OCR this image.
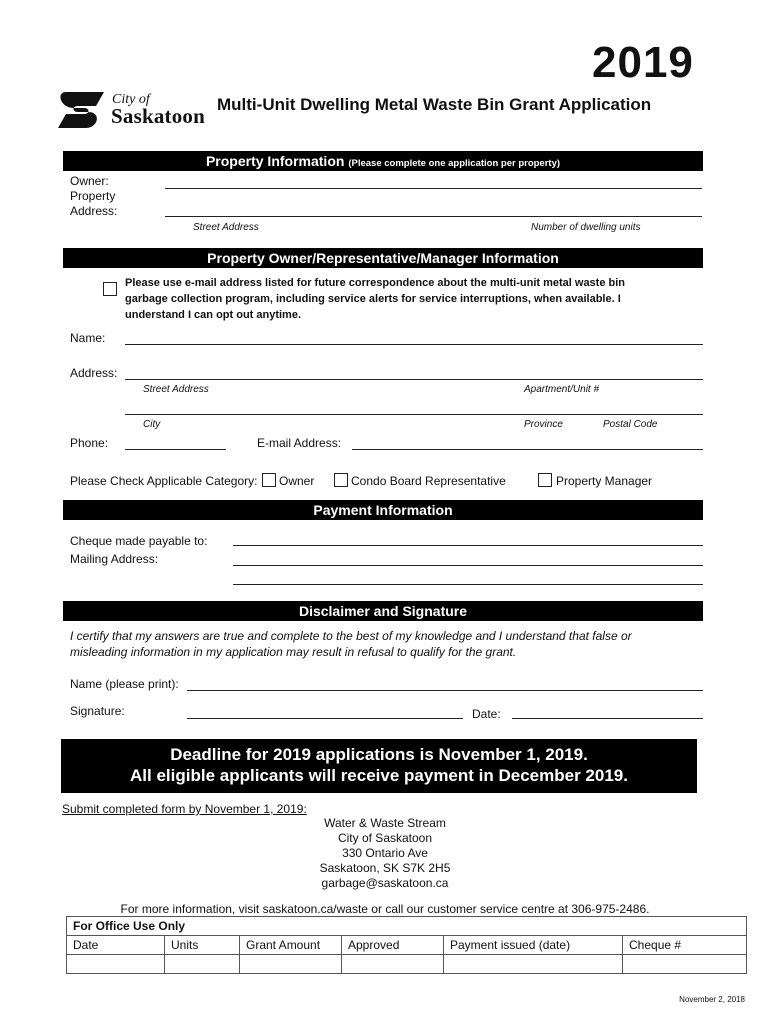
2019
City of
Saskatoon Multi-Unit Dwelling Metal Waste Bin Grant Application
Property Information (Please complete one application per property)
Owner:
Property
Address:
Street Address	Number of dwelling units
Property Owner/Representative/Manager Information
Please use e-mail address listed for future correspondence about the multi-unit metal waste bin
garbage collection program, including service alerts for service interruptions, when available. I
understand I can opt out anytime.
Name:
Address:
Street Address	Apartment/Unit #
City	Province	Postal Code
Phone:	E-mail Address:
Please Check Applicable Category: Owner	Condo Board Representative	Property Manager
Payment Information
Cheque made payable to:
Mailing Address:
Disclaimer and Signature
I certify that my answers are true and complete to the best of my knowledge and I understand that false or
misleading information in my application may result in refusal to qualify for the grant.
Name (please print):
Signature:	Date:
Deadline for 2019 applications is November 1, 2019.
All eligible applicants will receive payment in December 2019.
Submit completed form by November 1, 2019:
Water & Waste Stream
City of Saskatoon
330 Ontario Ave
Saskatoon, SK S7K 2H5
garbage@saskatoon.ca
For more information, visit saskatoon.ca/waste or call our customer service centre at 306-975-2486.
For Office Use Only					
Date	Units	Grant Amount	Approved	Payment issued (date)	Cheque #

November 2, 2018
